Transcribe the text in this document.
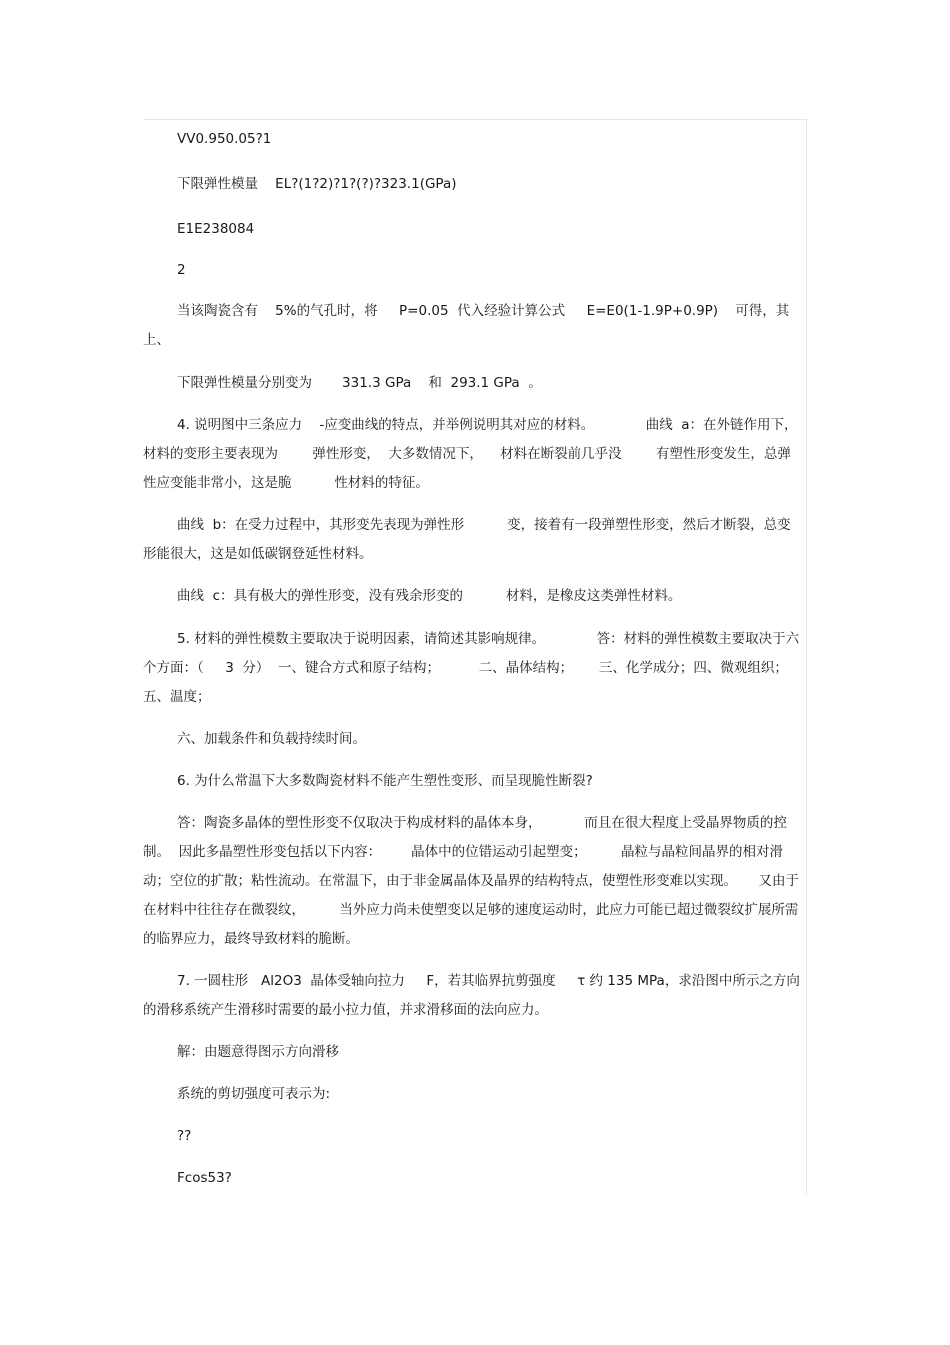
VV0.950.05?1

下限弹性模量    EL?(1?2)?1?(?)?323.1(GPa)

E1E238084

2

当该陶瓷含有    5%的气孔时，将     P=0.05  代入经验计算公式     E=E0(1-1.9P+0.9P)    可得，其上、

下限弹性模量分别变为       331.3 GPa    和  293.1 GPa  。

4. 说明图中三条应力    -应变曲线的特点，并举例说明其对应的材料。            曲线  a：在外链作用下，  材料的变形主要表现为        弹性形变，  大多数情况下，    材料在断裂前几乎没        有塑性形变发生，总弹性应变能非常小，这是脆          性材料的特征。

曲线  b：在受力过程中，其形变先表现为弹性形          变，接着有一段弹塑性形变，然后才断裂，总变     形能很大，这是如低碳钢登延性材料。

曲线  c：具有极大的弹性形变，没有残余形变的          材料，是橡皮这类弹性材料。

5. 材料的弹性模数主要取决于说明因素，请简述其影响规律。            答：材料的弹性模数主要取决于六个方面：（     3  分）  一、键合方式和原子结构；         二、晶体结构；      三、化学成分；四、微观组织；       五、温度；

六、加载条件和负载持续时间。

6. 为什么常温下大多数陶瓷材料不能产生塑性变形、而呈现脆性断裂?

答：陶瓷多晶体的塑性形变不仅取决于构成材料的晶体本身，          而且在很大程度上受晶界物质的控制。  因此多晶塑性形变包括以下内容：       晶体中的位错运动引起塑变；        晶粒与晶粒间晶界的相对滑动；空位的扩散；粘性流动。在常温下，由于非金属晶体及晶界的结构特点，使塑性形变难以实现。     又由于在材料中往往存在微裂纹，        当外应力尚未使塑变以足够的速度运动时，此应力可能已超过微裂纹扩展所需的临界应力，最终导致材料的脆断。

7. 一圆柱形   Al2O3  晶体受轴向拉力     F，若其临界抗剪强度     τ 约 135 MPa，求沿图中所示之方向的滑移系统产生滑移时需要的最小拉力值，并求滑移面的法向应力。

解：由题意得图示方向滑移

系统的剪切强度可表示为:

??

Fcos53?
